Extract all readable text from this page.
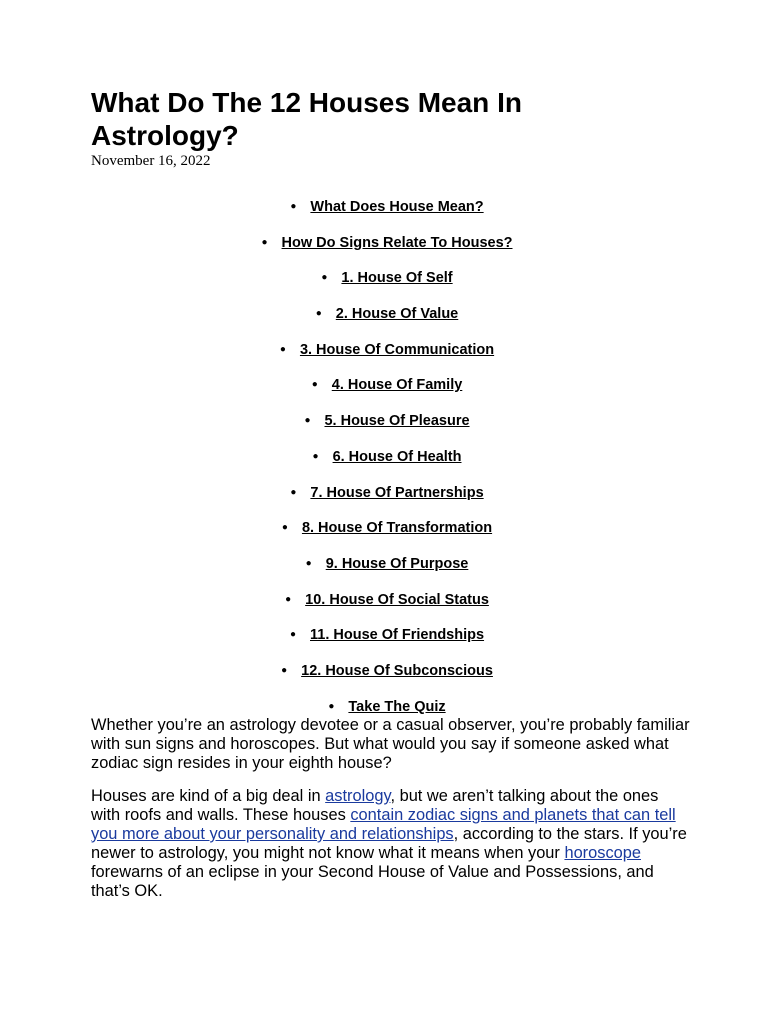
What Do The 12 Houses Mean In Astrology?
November 16, 2022
● What Does House Mean?
● How Do Signs Relate To Houses?
● 1. House Of Self
● 2. House Of Value
● 3. House Of Communication
● 4. House Of Family
● 5. House Of Pleasure
● 6. House Of Health
● 7. House Of Partnerships
● 8. House Of Transformation
● 9. House Of Purpose
● 10. House Of Social Status
● 11. House Of Friendships
● 12. House Of Subconscious
● Take The Quiz

Whether you’re an astrology devotee or a casual observer, you’re probably familiar with sun signs and horoscopes. But what would you say if someone asked what zodiac sign resides in your eighth house?

Houses are kind of a big deal in astrology, but we aren’t talking about the ones with roofs and walls. These houses contain zodiac signs and planets that can tell you more about your personality and relationships, according to the stars. If you’re newer to astrology, you might not know what it means when your horoscope forewarns of an eclipse in your Second House of Value and Possessions, and that’s OK.
